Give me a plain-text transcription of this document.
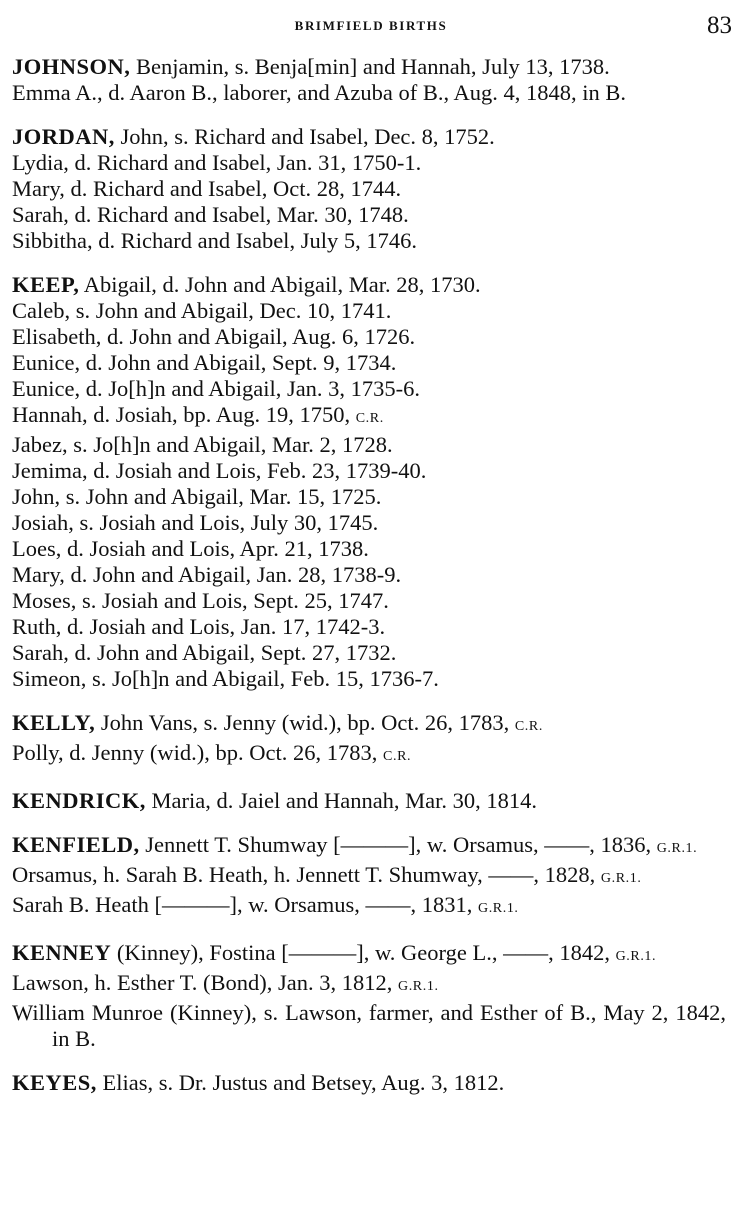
BRIMFIELD BIRTHS	83
JOHNSON, Benjamin, s. Benja[min] and Hannah, July 13, 1738.
Emma A., d. Aaron B., laborer, and Azuba of B., Aug. 4, 1848, in B.
JORDAN, John, s. Richard and Isabel, Dec. 8, 1752.
Lydia, d. Richard and Isabel, Jan. 31, 1750-1.
Mary, d. Richard and Isabel, Oct. 28, 1744.
Sarah, d. Richard and Isabel, Mar. 30, 1748.
Sibbitha, d. Richard and Isabel, July 5, 1746.
KEEP, Abigail, d. John and Abigail, Mar. 28, 1730.
Caleb, s. John and Abigail, Dec. 10, 1741.
Elisabeth, d. John and Abigail, Aug. 6, 1726.
Eunice, d. John and Abigail, Sept. 9, 1734.
Eunice, d. Jo[h]n and Abigail, Jan. 3, 1735-6.
Hannah, d. Josiah, bp. Aug. 19, 1750, C.R.
Jabez, s. Jo[h]n and Abigail, Mar. 2, 1728.
Jemima, d. Josiah and Lois, Feb. 23, 1739-40.
John, s. John and Abigail, Mar. 15, 1725.
Josiah, s. Josiah and Lois, July 30, 1745.
Loes, d. Josiah and Lois, Apr. 21, 1738.
Mary, d. John and Abigail, Jan. 28, 1738-9.
Moses, s. Josiah and Lois, Sept. 25, 1747.
Ruth, d. Josiah and Lois, Jan. 17, 1742-3.
Sarah, d. John and Abigail, Sept. 27, 1732.
Simeon, s. Jo[h]n and Abigail, Feb. 15, 1736-7.
KELLY, John Vans, s. Jenny (wid.), bp. Oct. 26, 1783, C.R.
Polly, d. Jenny (wid.), bp. Oct. 26, 1783, C.R.
KENDRICK, Maria, d. Jaiel and Hannah, Mar. 30, 1814.
KENFIELD, Jennett T. Shumway [———], w. Orsamus, ——, 1836, G.R.1.
Orsamus, h. Sarah B. Heath, h. Jennett T. Shumway, ——, 1828, G.R.1.
Sarah B. Heath [———], w. Orsamus, ——, 1831, G.R.1.
KENNEY (Kinney), Fostina [———], w. George L., ——, 1842, G.R.1.
Lawson, h. Esther T. (Bond), Jan. 3, 1812, G.R.1.
William Munroe (Kinney), s. Lawson, farmer, and Esther of B., May 2, 1842, in B.
KEYES, Elias, s. Dr. Justus and Betsey, Aug. 3, 1812.
